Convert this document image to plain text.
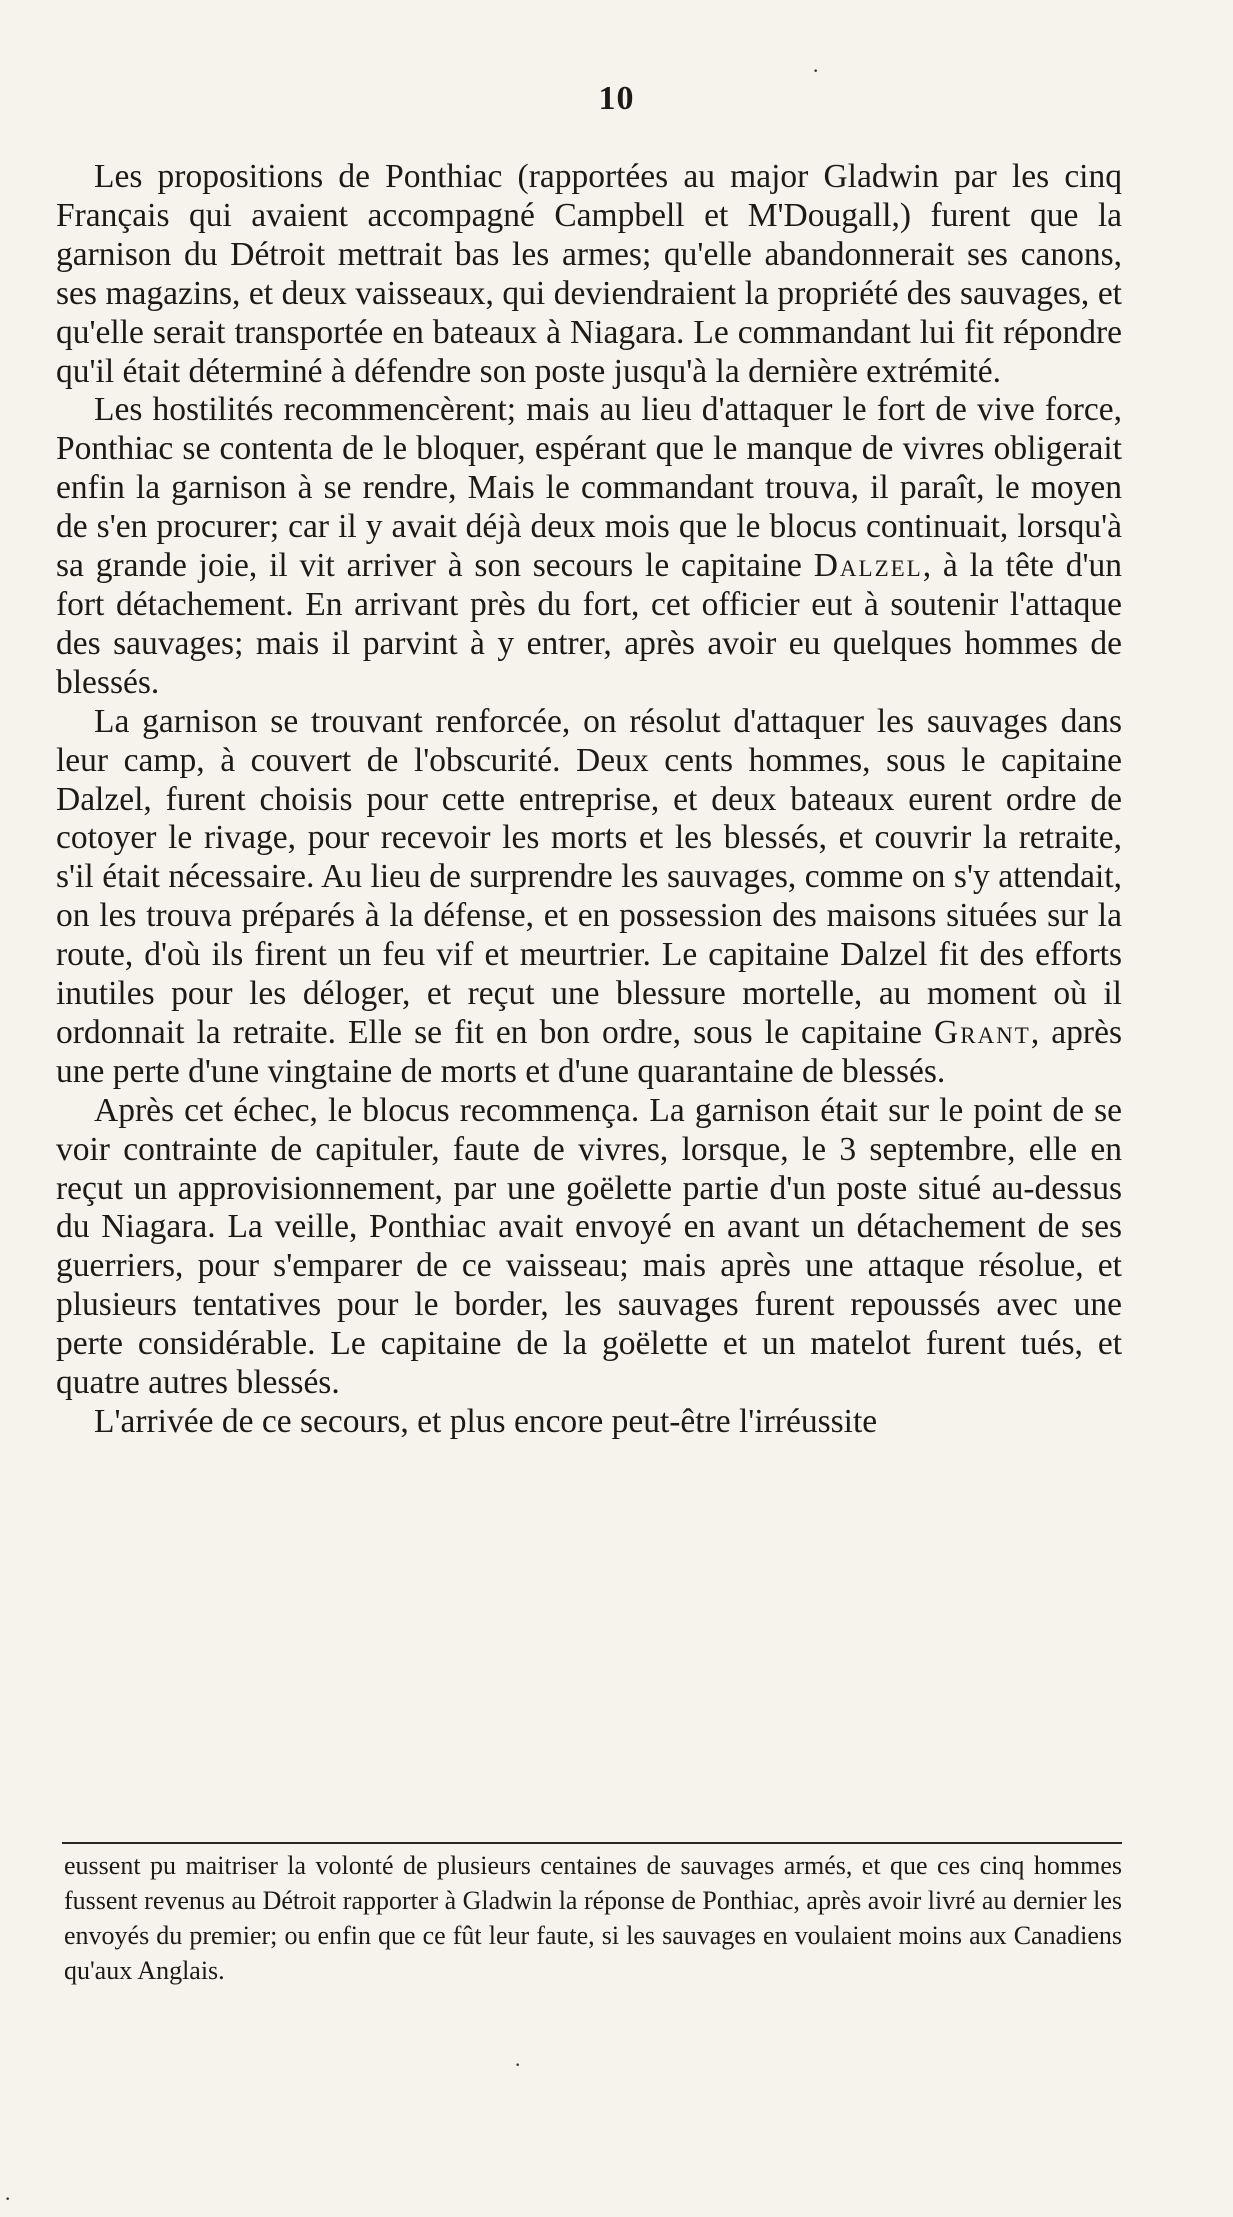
10

Les propositions de Ponthiac (rapportées au major Gladwin par les cinq Français qui avaient accompagné Campbell et M'Dougall,) furent que la garnison du Détroit mettrait bas les armes; qu'elle abandonnerait ses canons, ses magazins, et deux vaisseaux, qui deviendraient la propriété des sauvages, et qu'elle serait transportée en bateaux à Niagara. Le commandant lui fit répondre qu'il était déterminé à défendre son poste jusqu'à la dernière extrémité.

Les hostilités recommencèrent; mais au lieu d'attaquer le fort de vive force, Ponthiac se contenta de le bloquer, espérant que le manque de vivres obligerait enfin la garnison à se rendre, Mais le commandant trouva, il paraît, le moyen de s'en procurer; car il y avait déjà deux mois que le blocus continuait, lorsqu'à sa grande joie, il vit arriver à son secours le capitaine Dalzel, à la tête d'un fort détachement. En arrivant près du fort, cet officier eut à soutenir l'attaque des sauvages; mais il parvint à y entrer, après avoir eu quelques hommes de blessés.

La garnison se trouvant renforcée, on résolut d'attaquer les sauvages dans leur camp, à couvert de l'obscurité. Deux cents hommes, sous le capitaine Dalzel, furent choisis pour cette entreprise, et deux bateaux eurent ordre de cotoyer le rivage, pour recevoir les morts et les blessés, et couvrir la retraite, s'il était nécessaire. Au lieu de surprendre les sauvages, comme on s'y attendait, on les trouva préparés à la défense, et en possession des maisons situées sur la route, d'où ils firent un feu vif et meurtrier. Le capitaine Dalzel fit des efforts inutiles pour les déloger, et reçut une blessure mortelle, au moment où il ordonnait la retraite. Elle se fit en bon ordre, sous le capitaine Grant, après une perte d'une vingtaine de morts et d'une quarantaine de blessés.

Après cet échec, le blocus recommença. La garnison était sur le point de se voir contrainte de capituler, faute de vivres, lorsque, le 3 septembre, elle en reçut un approvisionnement, par une goëlette partie d'un poste situé au-dessus du Niagara. La veille, Ponthiac avait envoyé en avant un détachement de ses guerriers, pour s'emparer de ce vaisseau; mais après une attaque résolue, et plusieurs tentatives pour le border, les sauvages furent repoussés avec une perte considérable. Le capitaine de la goëlette et un matelot furent tués, et quatre autres blessés.

L'arrivée de ce secours, et plus encore peut-être l'irréussite

eussent pu maitriser la volonté de plusieurs centaines de sauvages armés, et que ces cinq hommes fussent revenus au Détroit rapporter à Gladwin la réponse de Ponthiac, après avoir livré au dernier les envoyés du premier; ou enfin que ce fût leur faute, si les sauvages en voulaient moins aux Canadiens qu'aux Anglais.

·
·
·
